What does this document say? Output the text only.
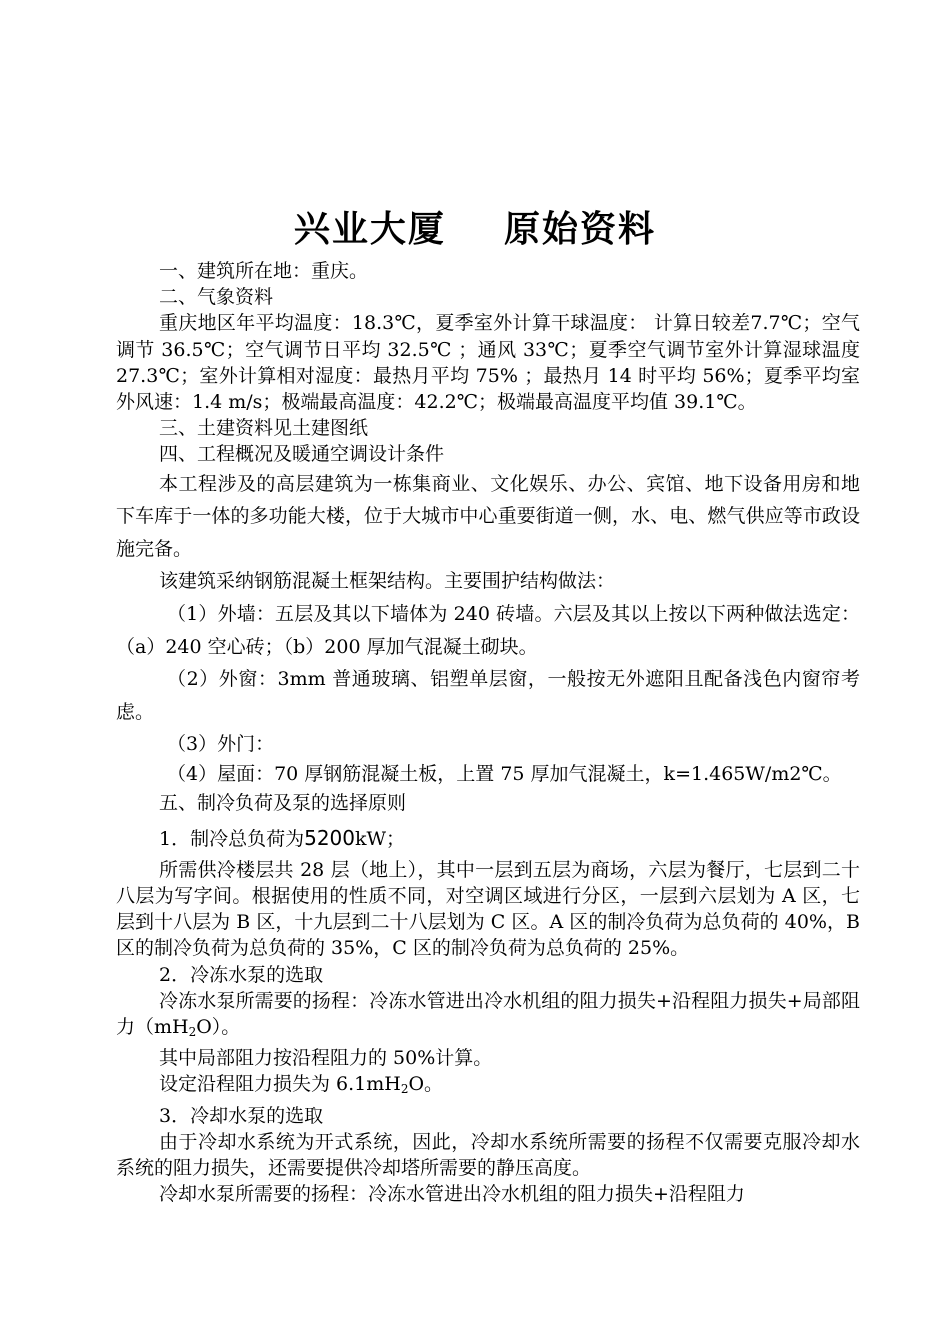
兴业大厦    原始资料

一、建筑所在地：重庆。

二、气象资料

重庆地区年平均温度：18.3℃，夏季室外计算干球温度： 计算日较差7.7℃；空气调节 36.5℃；空气调节日平均 32.5℃ ；通风 33℃；夏季空气调节室外计算湿球温度 27.3℃；室外计算相对湿度：最热月平均 75% ；最热月 14 时平均 56%；夏季平均室外风速：1.4 m/s；极端最高温度：42.2℃；极端最高温度平均值 39.1℃。

三、土建资料见土建图纸

四、工程概况及暖通空调设计条件

本工程涉及的高层建筑为一栋集商业、文化娱乐、办公、宾馆、地下设备用房和地下车库于一体的多功能大楼，位于大城市中心重要街道一侧，水、电、燃气供应等市政设施完备。

该建筑采纳钢筋混凝土框架结构。主要围护结构做法：

（1）外墙：五层及其以下墙体为 240 砖墙。六层及其以上按以下两种做法选定：（a）240 空心砖；（b）200 厚加气混凝土砌块。

（2）外窗：3mm 普通玻璃、铝塑单层窗，一般按无外遮阳且配备浅色内窗帘考虑。

（3）外门：

（4）屋面：70 厚钢筋混凝土板，上置 75 厚加气混凝土，k=1.465W/m2℃。

五、制冷负荷及泵的选择原则

1．制冷总负荷为5200kW；

所需供冷楼层共 28 层（地上），其中一层到五层为商场，六层为餐厅，七层到二十八层为写字间。根据使用的性质不同，对空调区域进行分区，一层到六层划为 A 区，七层到十八层为 B 区，十九层到二十八层划为 C 区。A 区的制冷负荷为总负荷的 40%，B 区的制冷负荷为总负荷的 35%，C 区的制冷负荷为总负荷的 25%。

2．冷冻水泵的选取

冷冻水泵所需要的扬程：冷冻水管进出冷水机组的阻力损失+沿程阻力损失+局部阻力$(mH_2O)$。

其中局部阻力按沿程阻力的 50%计算。

设定沿程阻力损失为 $6.1mH_2O$。

3．冷却水泵的选取

由于冷却水系统为开式系统，因此，冷却水系统所需要的扬程不仅需要克服冷却水系统的阻力损失，还需要提供冷却塔所需要的静压高度。

冷却水泵所需要的扬程：冷冻水管进出冷水机组的阻力损失+沿程阻力
